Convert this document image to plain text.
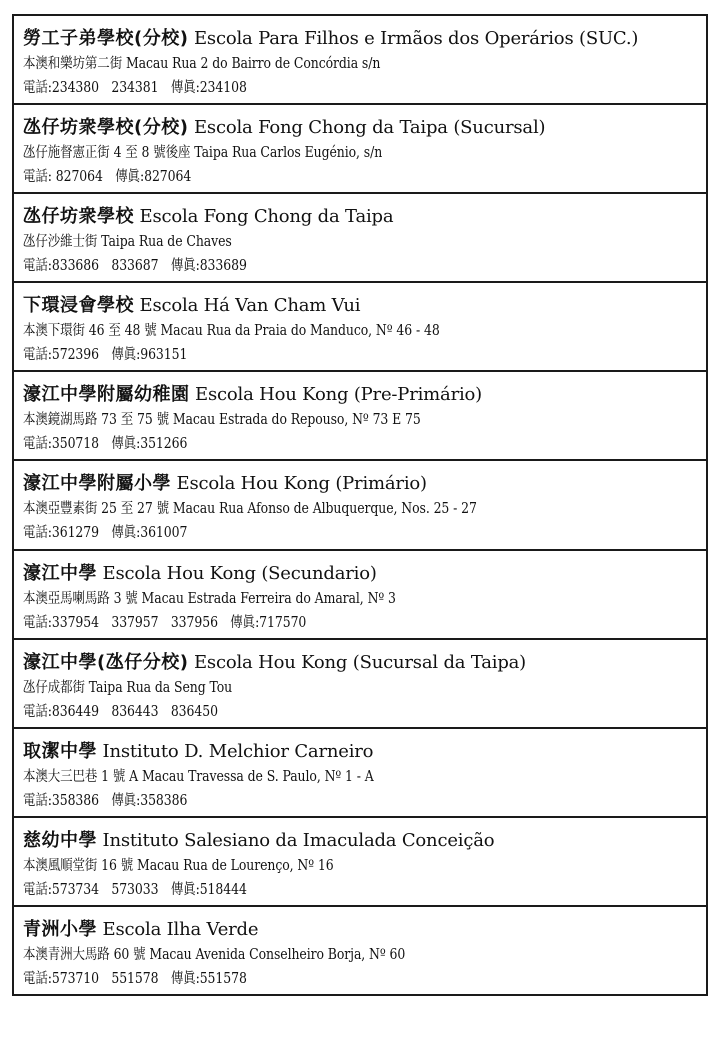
勞工子弟學校(分校) Escola Para Filhos e Irmãos dos Operários (SUC.)
本澳和樂坊第二街 Macau Rua 2 do Bairro de Concórdia s/n
電話:234380　234381　傳眞:234108
氹仔坊衆學校(分校) Escola Fong Chong da Taipa (Sucursal)
氹仔施督憲正街 4 至 8 號後座 Taipa Rua Carlos Eugénio, s/n
電話: 827064　傳眞:827064
氹仔坊衆學校 Escola Fong Chong da Taipa
氹仔沙維士街 Taipa Rua de Chaves
電話:833686　833687　傳眞:833689
下環浸會學校 Escola Há Van Cham Vui
本澳下環街 46 至 48 號 Macau Rua da Praia do Manduco, Nº 46 - 48
電話:572396　傳眞:963151
濠江中學附屬幼稚園 Escola Hou Kong (Pre-Primário)
本澳鏡湖馬路 73 至 75 號 Macau Estrada do Repouso, Nº 73 E 75
電話:350718　傳眞:351266
濠江中學附屬小學 Escola Hou Kong (Primário)
本澳亞豐素街 25 至 27 號 Macau Rua Afonso de Albuquerque, Nos. 25 - 27
電話:361279　傳眞:361007
濠江中學 Escola Hou Kong (Secundario)
本澳亞馬喇馬路 3 號 Macau Estrada Ferreira do Amaral, Nº 3
電話:337954　337957　337956　傳眞:717570
濠江中學(氹仔分校) Escola Hou Kong (Sucursal da Taipa)
氹仔成都街 Taipa Rua da Seng Tou
電話:836449　836443　836450
取潔中學 Instituto D. Melchior Carneiro
本澳大三巴巷 1 號 A Macau Travessa de S. Paulo, Nº 1 - A
電話:358386　傳眞:358386
慈幼中學 Instituto Salesiano da Imaculada Conceição
本澳風順堂街 16 號 Macau Rua de Lourenço, Nº 16
電話:573734　573033　傳眞:518444
青洲小學 Escola Ilha Verde
本澳青洲大馬路 60 號 Macau Avenida Conselheiro Borja, Nº 60
電話:573710　551578　傳眞:551578
